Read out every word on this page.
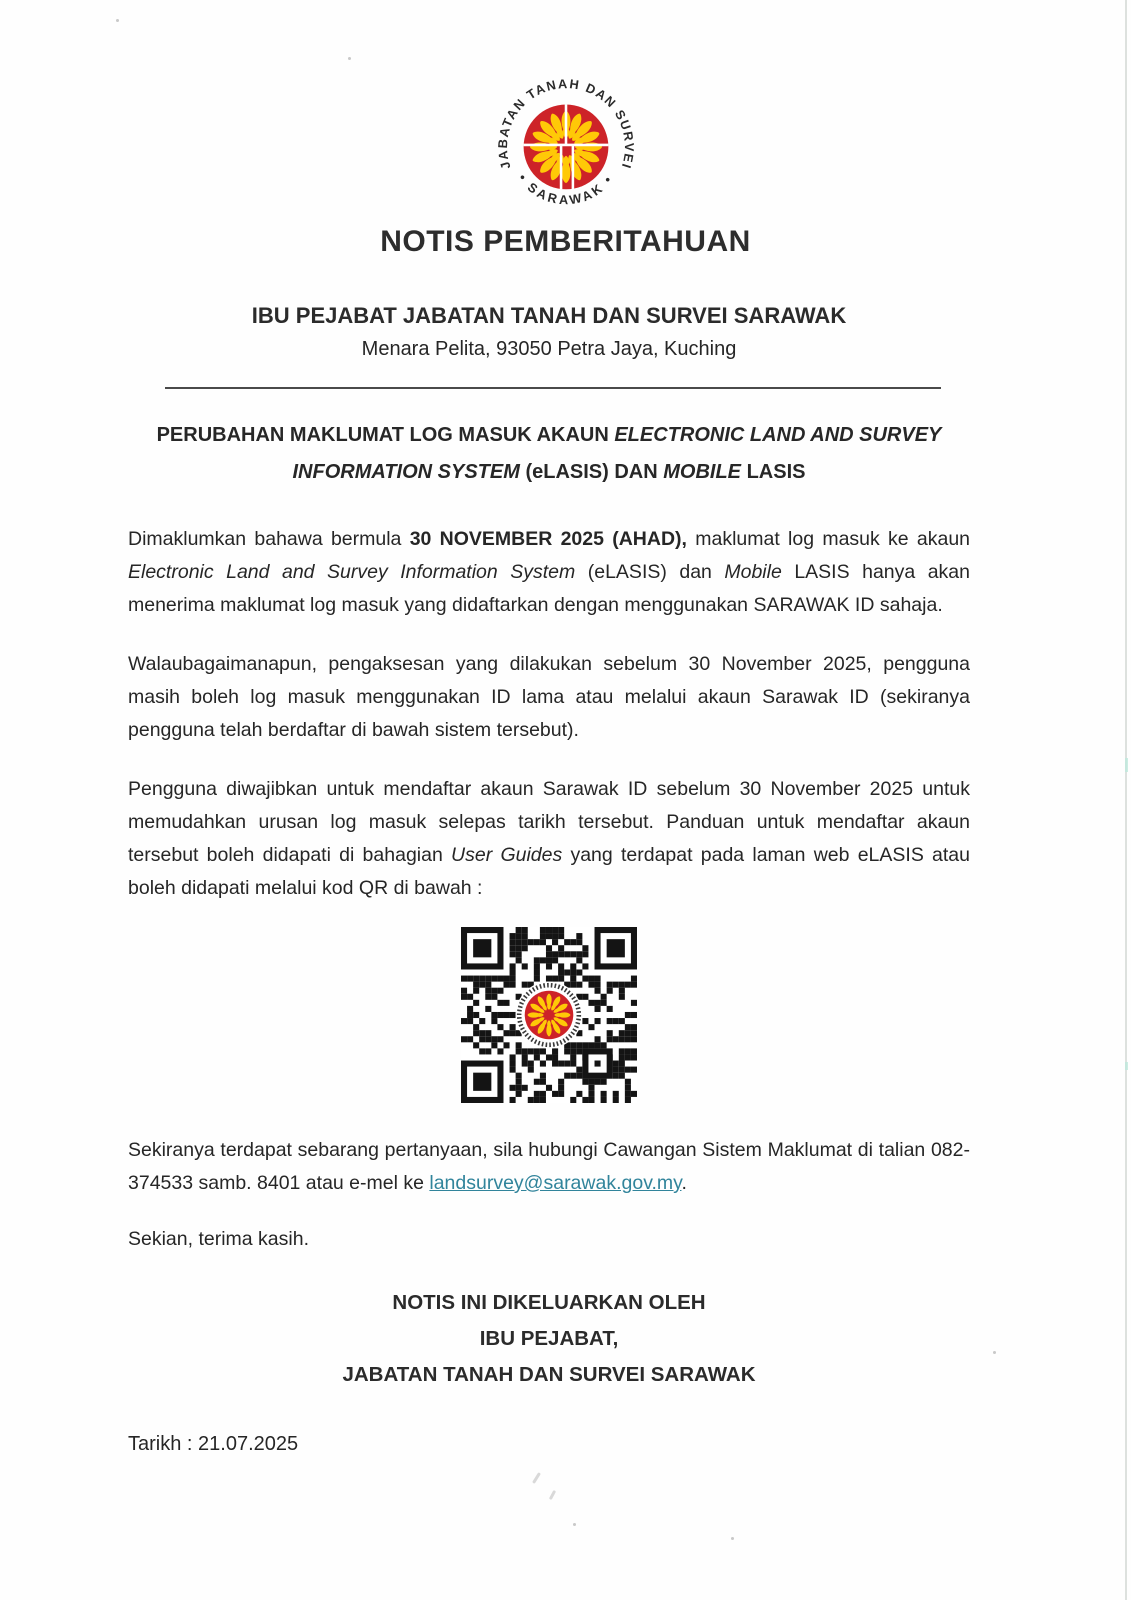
JABATAN TANAH DAN SURVEI
• SARAWAK •
NOTIS PEMBERITAHUAN
IBU PEJABAT JABATAN TANAH DAN SURVEI SARAWAK
Menara Pelita, 93050 Petra Jaya, Kuching
PERUBAHAN MAKLUMAT LOG MASUK AKAUN ELECTRONIC LAND AND SURVEY
INFORMATION SYSTEM (eLASIS) DAN MOBILE LASIS

Dimaklumkan bahawa bermula 30 NOVEMBER 2025 (AHAD), maklumat log masuk ke akaun Electronic Land and Survey Information System (eLASIS) dan Mobile LASIS hanya akan menerima maklumat log masuk yang didaftarkan dengan menggunakan SARAWAK ID sahaja.

Walaubagaimanapun, pengaksesan yang dilakukan sebelum 30 November 2025, pengguna masih boleh log masuk menggunakan ID lama atau melalui akaun Sarawak ID (sekiranya pengguna telah berdaftar di bawah sistem tersebut).

Pengguna diwajibkan untuk mendaftar akaun Sarawak ID sebelum 30 November 2025 untuk memudahkan urusan log masuk selepas tarikh tersebut. Panduan untuk mendaftar akaun tersebut boleh didapati di bahagian User Guides yang terdapat pada laman web eLASIS atau boleh didapati melalui kod QR di bawah :

Sekiranya terdapat sebarang pertanyaan, sila hubungi Cawangan Sistem Maklumat di talian 082-374533 samb. 8401 atau e-mel ke landsurvey@sarawak.gov.my.

Sekian, terima kasih.
NOTIS INI DIKELUARKAN OLEH
IBU PEJABAT,
JABATAN TANAH DAN SURVEI SARAWAK
Tarikh : 21.07.2025
